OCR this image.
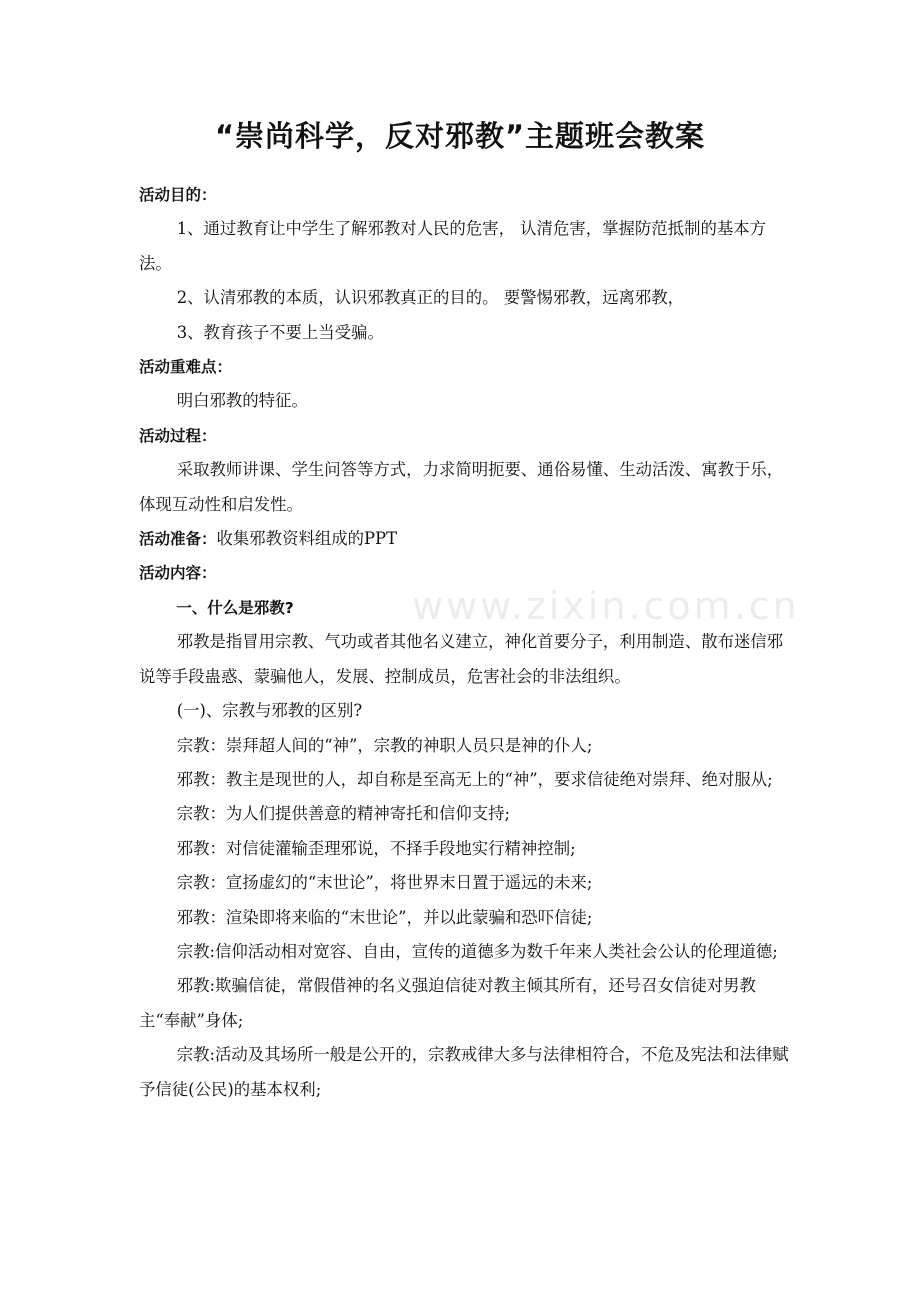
“崇尚科学，反对邪教”主题班会教案
www.zixin.com.cn

活动目的：

1、通过教育让中学生了解邪教对人民的危害， 认清危害，掌握防范抵制的基本方法。

2、认清邪教的本质，认识邪教真正的目的。 要警惕邪教，远离邪教，

3、教育孩子不要上当受骗。

活动重难点：

明白邪教的特征。

活动过程：

采取教师讲课、学生问答等方式，力求简明扼要、通俗易懂、生动活泼、寓教于乐，体现互动性和启发性。

活动准备：收集邪教资料组成的PPT

活动内容：

一、什么是邪教?

邪教是指冒用宗教、气功或者其他名义建立，神化首要分子，利用制造、散布迷信邪说等手段蛊惑、蒙骗他人，发展、控制成员，危害社会的非法组织。

(一)、宗教与邪教的区别?

宗教：崇拜超人间的“神”，宗教的神职人员只是神的仆人;

邪教：教主是现世的人，却自称是至高无上的“神”，要求信徒绝对崇拜、绝对服从;

宗教：为人们提供善意的精神寄托和信仰支持;

邪教：对信徒灌输歪理邪说，不择手段地实行精神控制;

宗教：宣扬虚幻的“末世论”，将世界末日置于遥远的未来;

邪教：渲染即将来临的“末世论”，并以此蒙骗和恐吓信徒;

宗教:信仰活动相对宽容、自由，宣传的道德多为数千年来人类社会公认的伦理道德;

邪教:欺骗信徒，常假借神的名义强迫信徒对教主倾其所有，还号召女信徒对男教主“奉献”身体;

宗教:活动及其场所一般是公开的，宗教戒律大多与法律相符合，不危及宪法和法律赋予信徒(公民)的基本权利;
